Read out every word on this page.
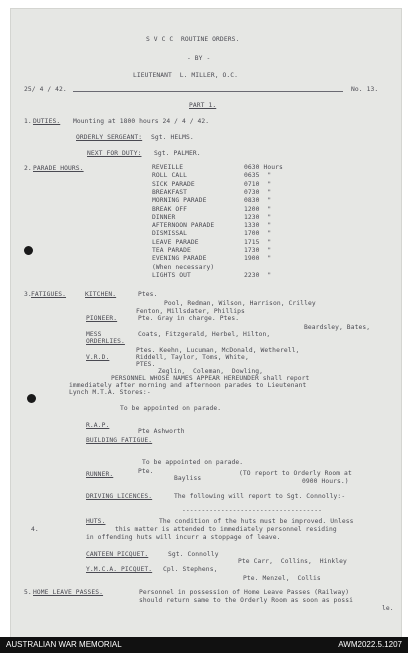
S V C C  ROUTINE ORDERS.
- BY -
LIEUTENANT  L. MILLER, O.C.
25/ 4 / 42.	No. 13.
PART 1.
1. DUTIES. Mounting at 1800 hours 24 / 4 / 42.
ORDERLY SERGEANT: Sgt. HELMS.
NEXT FOR DUTY: Sgt. PALMER.
2. PARADE HOURS.	REVEILLE	0630 Hours
ROLL CALL	0635  "
SICK PARADE	0710  "
BREAKFAST	0730  "
MORNING PARADE	0830  "
BREAK OFF	1200  "
DINNER	1230  "
AFTERNOON PARADE	1330  "
DISMISSAL	1700  "
LEAVE PARADE	1715  "
TEA PARADE	1730  "
EVENING PARADE	1900  "
(When necessary)
LIGHTS OUT	2230  "
3. FATIGUES.	KITCHEN.	Ptes.
Pool, Redman, Wilson, Harrison, Crilley
Fenton, Millsdater, Phillips
PIONEER.	Pte. Gray in charge. Ptes.
Beardsley, Bates,
MESS	Coats, Fitzgerald, Herbel, Hilton,
ORDERLIES.
Ptes. Keehn, Lucuman, McDonald, Wetherell,
V.R.D.	Riddell, Taylor, Toms, White,
PTES.
Zeglin,  Coleman,  Dowling,
PERSONNEL WHOSE NAMES APPEAR HEREUNDER shall report
immediately after morning and afternoon parades to Lieutenant
Lynch M.T.A. Stores:-
To be appointed on parade.
R.A.P.
Pte Ashworth
BUILDING FATIGUE.
To be appointed on parade.
RUNNER.	Pte.	(TO report to Orderly Room at
Bayliss	0900 Hours.)
DRIVING LICENCES.	The following will report to Sgt. Connolly:-
------------------------------------
HUTS.	The condition of the huts must be improved. Unless
4.	this matter is attended to immediately personnel residing
in offending huts will incurr a stoppage of leave.
CANTEEN PICQUET.	Sgt. Connolly
Pte Carr,  Collins,  Hinkley
Y.M.C.A. PICQUET. Cpl. Stephens,
Pte. Menzel,  Collis
5. HOME LEAVE PASSES.	Personnel in possession of Home Leave Passes (Railway)
should return same to the Orderly Room as soon as possi
le.
AUSTRALIAN WAR MEMORIAL	AWM2022.5.1207
